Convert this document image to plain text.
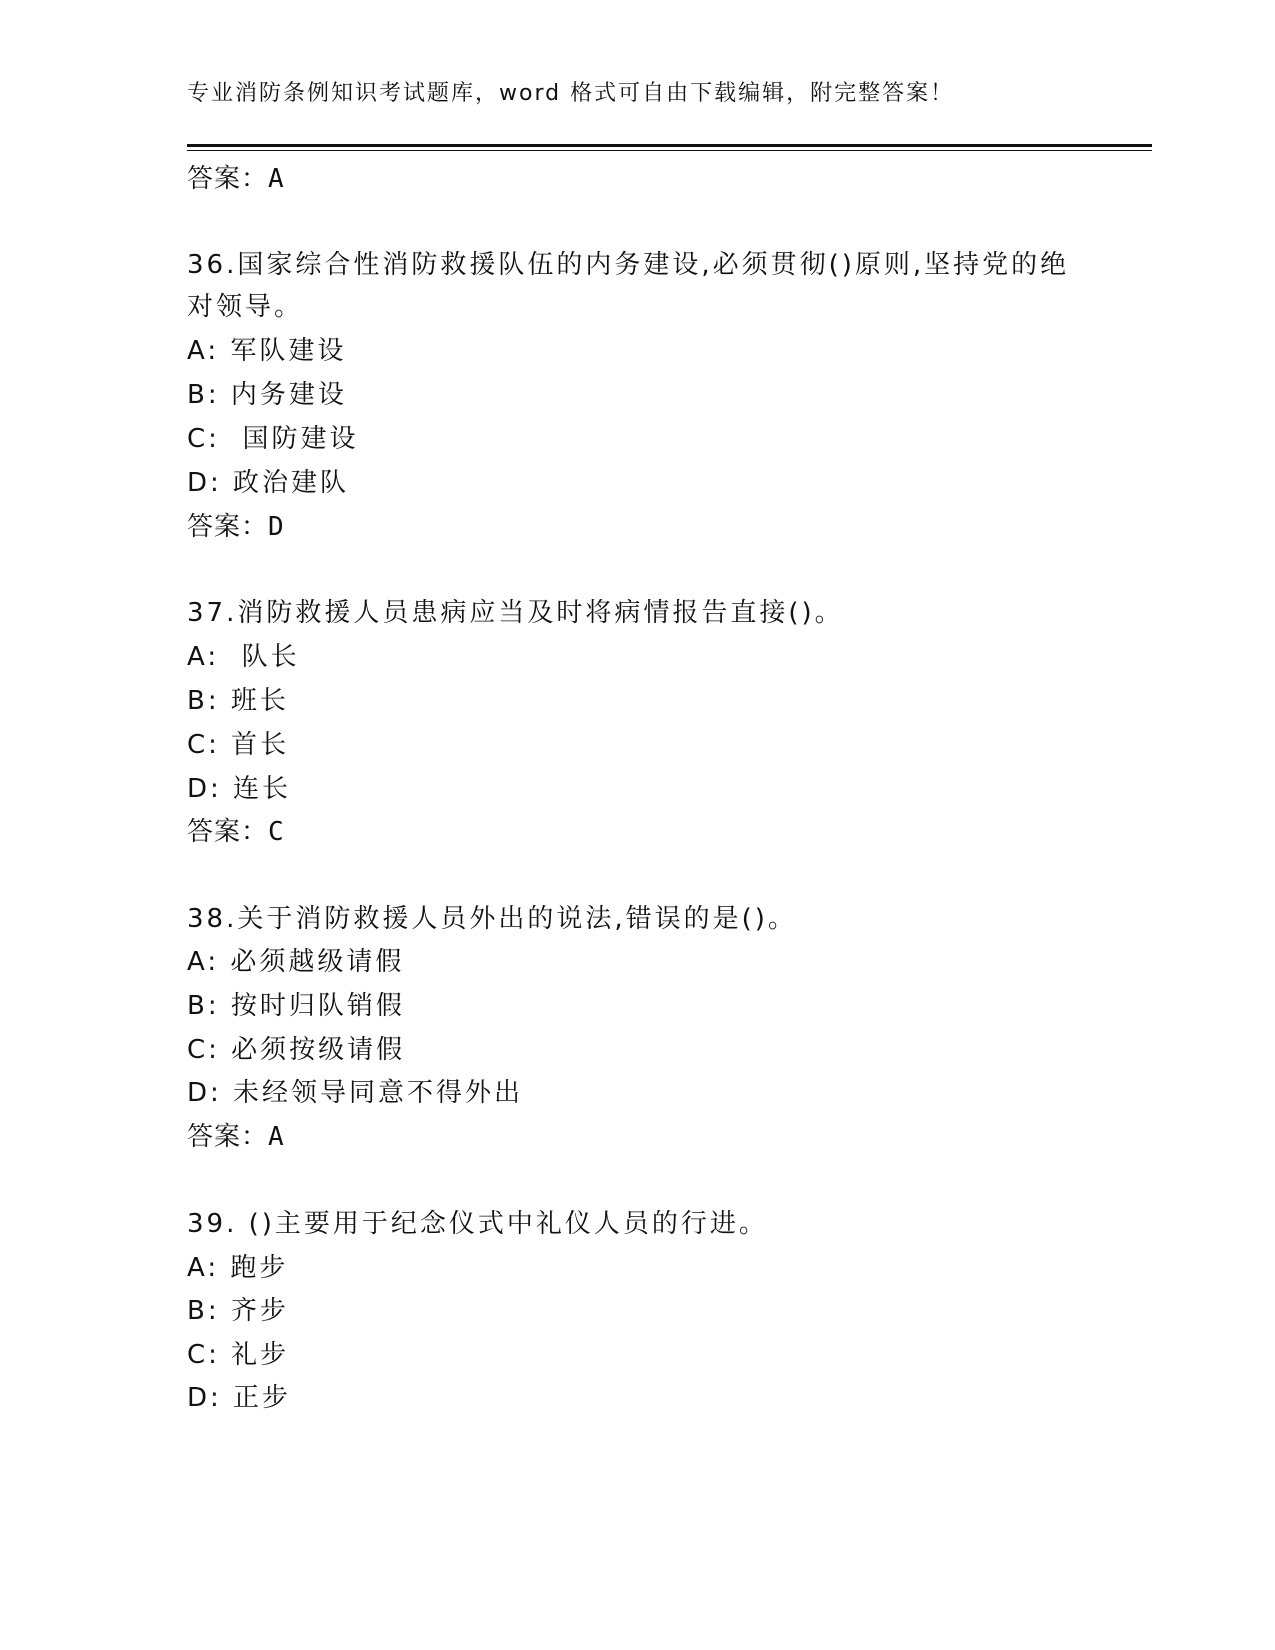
专业消防条例知识考试题库，word 格式可自由下载编辑，附完整答案！
答案：A
36.国家综合性消防救援队伍的内务建设,必须贯彻()原则,坚持党的绝
对领导。
A: 军队建设
B: 内务建设
C:  国防建设
D: 政治建队
答案：D
37.消防救援人员患病应当及时将病情报告直接()。
A:  队长
B: 班长
C: 首长
D: 连长
答案：C
38.关于消防救援人员外出的说法,错误的是()。
A: 必须越级请假
B: 按时归队销假
C: 必须按级请假
D: 未经领导同意不得外出
答案：A
39. ()主要用于纪念仪式中礼仪人员的行进。
A: 跑步
B: 齐步
C: 礼步
D: 正步
